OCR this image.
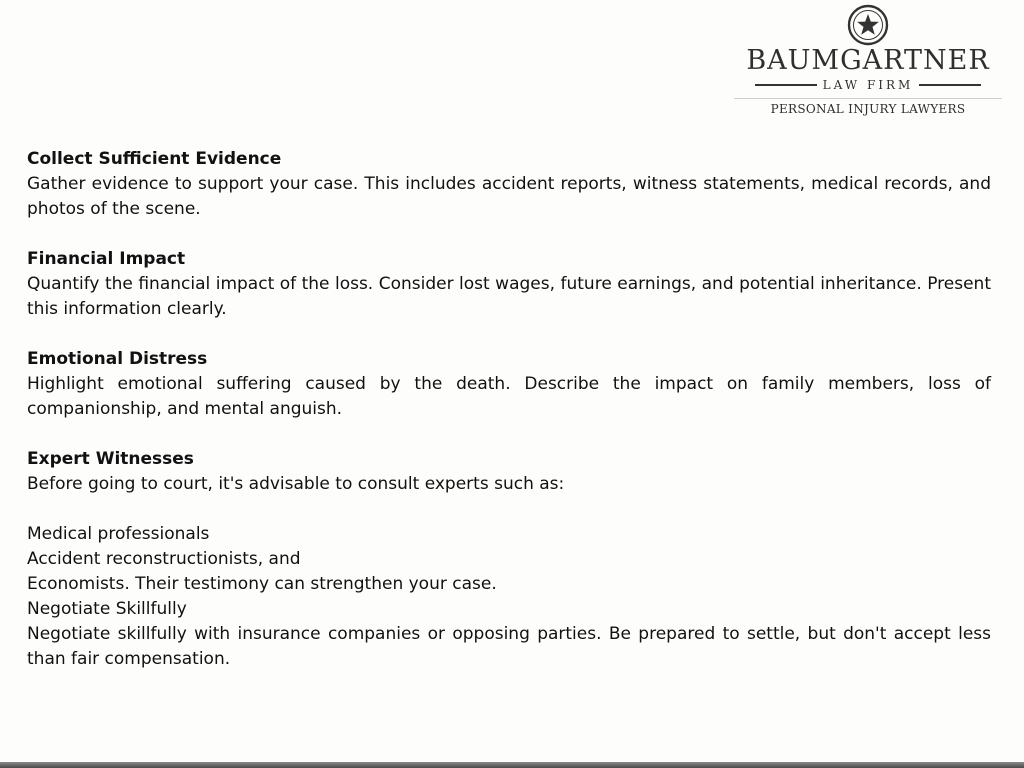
BAUMGARTNER
LAW FIRM
PERSONAL INJURY LAWYERS

Collect Sufficient Evidence

Gather evidence to support your case. This includes accident reports, witness statements, medical records, and photos of the scene.

Financial Impact

Quantify the financial impact of the loss. Consider lost wages, future earnings, and potential inheritance. Present this information clearly.

Emotional Distress

Highlight emotional suffering caused by the death. Describe the impact on family members, loss of companionship, and mental anguish.

Expert Witnesses

Before going to court, it's advisable to consult experts such as:

Medical professionals

Accident reconstructionists, and

Economists. Their testimony can strengthen your case.

Negotiate Skillfully

Negotiate skillfully with insurance companies or opposing parties. Be prepared to settle, but don't accept less than fair compensation.
